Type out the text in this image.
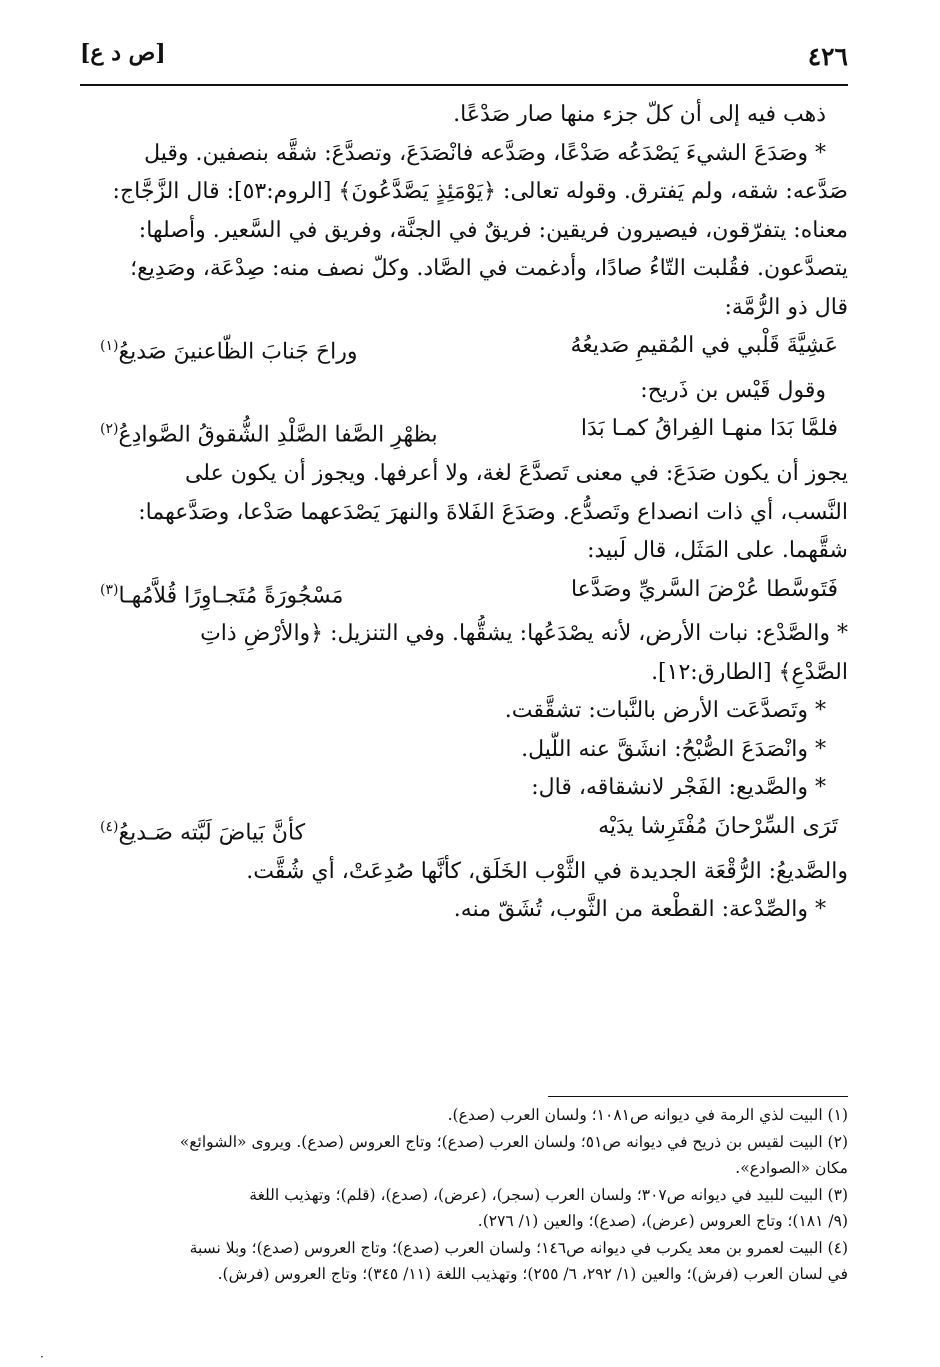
٤٢٦
[ص د ع]
ذهب فيه إلى أن كلّ جزء منها صار صَدْعًا.
* وصَدَعَ الشيءَ يَصْدَعُه صَدْعًا، وصَدَّعه فانْصَدَعَ، وتصدَّعَ: شقَّه بنصفين. وقيل
صَدَّعه: شقه، ولم يَفترق. وقوله تعالى: ﴿يَوْمَئِذٍ يَصَّدَّعُونَ﴾ [الروم:٥٣]: قال الزَّجَّاج:
معناه: يتفرّقون، فيصيرون فريقين: فريقٌ في الجنَّة، وفريق في السَّعير. وأصلها:
يتصدَّعون. فقُلبت التّاءُ صادًا، وأدغمت في الصَّاد. وكلّ نصف منه: صِدْعَة، وصَدِيع؛
قال ذو الرُّمَّة:
عَشِيَّةَ قَلْبي في المُقيمِ صَديعُهُ
وراحَ جَنابَ الظّاعنينَ صَديعُ$^{(١)}$
وقول قَيْس بن ذَريح:
فلمَّا بَدَا منهـا الفِراقُ كمـا بَدَا
بظهْرِ الصَّفا الصَّلْدِ الشُّقوقُ الصَّوادِعُ$^{(٢)}$
يجوز أن يكون صَدَعَ: في معنى تَصدَّعَ لغة، ولا أعرفها. ويجوز أن يكون على
النَّسب، أي ذات انصداع وتَصدُّع. وصَدَعَ الفَلاةَ والنهرَ يَصْدَعهما صَدْعا، وصَدَّعهما:
شقَّهما. على المَثَل، قال لَبيد:
فَتَوسَّطا عُرْضَ السَّريِّ وصَدَّعا
مَسْجُورَةً مُتَجـاوِرًا قُلاَّمُهـا$^{(٣)}$
* والصَّدْع: نبات الأرض، لأنه يصْدَعُها: يشقُّها. وفي التنزيل: ﴿والأرْضِ ذاتِ
الصَّدْعِ﴾ [الطارق:١٢].
* وتَصدَّعَت الأرض بالنَّبات: تشقَّقت.
* وانْصَدَعَ الصُّبْحُ: انشَقَّ عنه اللَّيل.
* والصَّديع: الفَجْر لانشقاقه، قال:
تَرَى السِّرْحانَ مُفْتَرِشا يدَيْه
كأنَّ بَياضَ لَبَّته صَـديعُ$^{(٤)}$
والصَّديعُ: الرُّقْعَة الجديدة في الثَّوْب الخَلَق، كأنَّها صُدِعَتْ، أي شُقَّت.
* والصِّدْعة: القطْعة من الثَّوب، تُشَقّ منه.
(١) البيت لذي الرمة في ديوانه ص١٠٨١؛ ولسان العرب (صدع).
(٢) البيت لقيس بن ذريح في ديوانه ص٥١؛ ولسان العرب (صدع)؛ وتاج العروس (صدع). ويروى «الشوائع»
مكان «الصوادع».
(٣) البيت للبيد في ديوانه ص٣٠٧؛ ولسان العرب (سجر)، (عرض)، (صدع)، (قلم)؛ وتهذيب اللغة
(٩/ ١٨١)؛ وتاج العروس (عرض)، (صدع)؛ والعين (١/ ٢٧٦).
(٤) البيت لعمرو بن معد يكرب في ديوانه ص١٤٦؛ ولسان العرب (صدع)؛ وتاج العروس (صدع)؛ وبلا نسبة
في لسان العرب (فرش)؛ والعين (١/ ٢٩٢، ٦/ ٢٥٥)؛ وتهذيب اللغة (١١/ ٣٤٥)؛ وتاج العروس (فرش).
·
